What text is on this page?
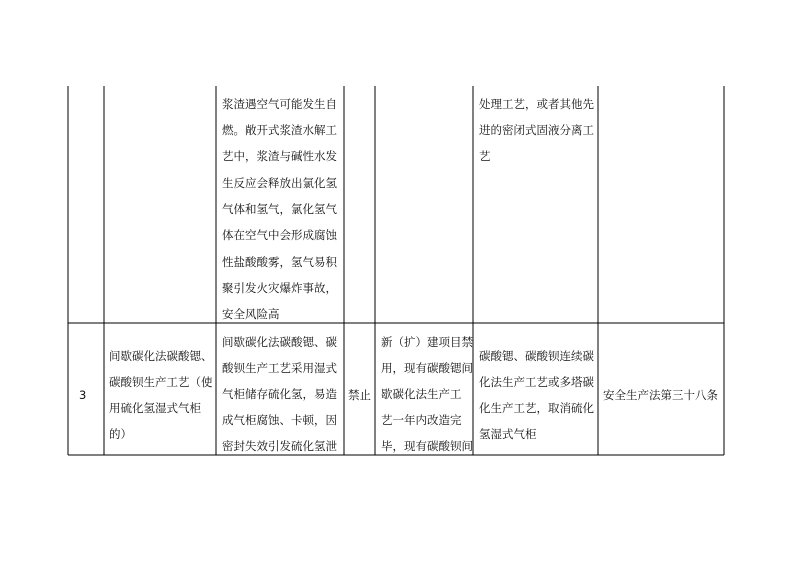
浆渣遇空气可能发生自
燃。敞开式浆渣水解工
艺中，浆渣与碱性水发
生反应会释放出氯化氢
气体和氢气，氯化氢气
体在空气中会形成腐蚀
性盐酸酸雾，氢气易积
聚引发火灾爆炸事故，
安全风险高
处理工艺，或者其他先
进的密闭式固液分离工
艺
3
间歇碳化法碳酸锶、
碳酸钡生产工艺（使
用硫化氢湿式气柜
的）
间歇碳化法碳酸锶、碳
酸钡生产工艺采用湿式
气柜储存硫化氢，易造
成气柜腐蚀、卡顿，因
密封失效引发硫化氢泄
禁止
新（扩）建项目禁
用，现有碳酸锶间
歇碳化法生产工
艺一年内改造完
毕，现有碳酸钡间
碳酸锶、碳酸钡连续碳
化法生产工艺或多塔碳
化生产工艺，取消硫化
氢湿式气柜
安全生产法第三十八条
